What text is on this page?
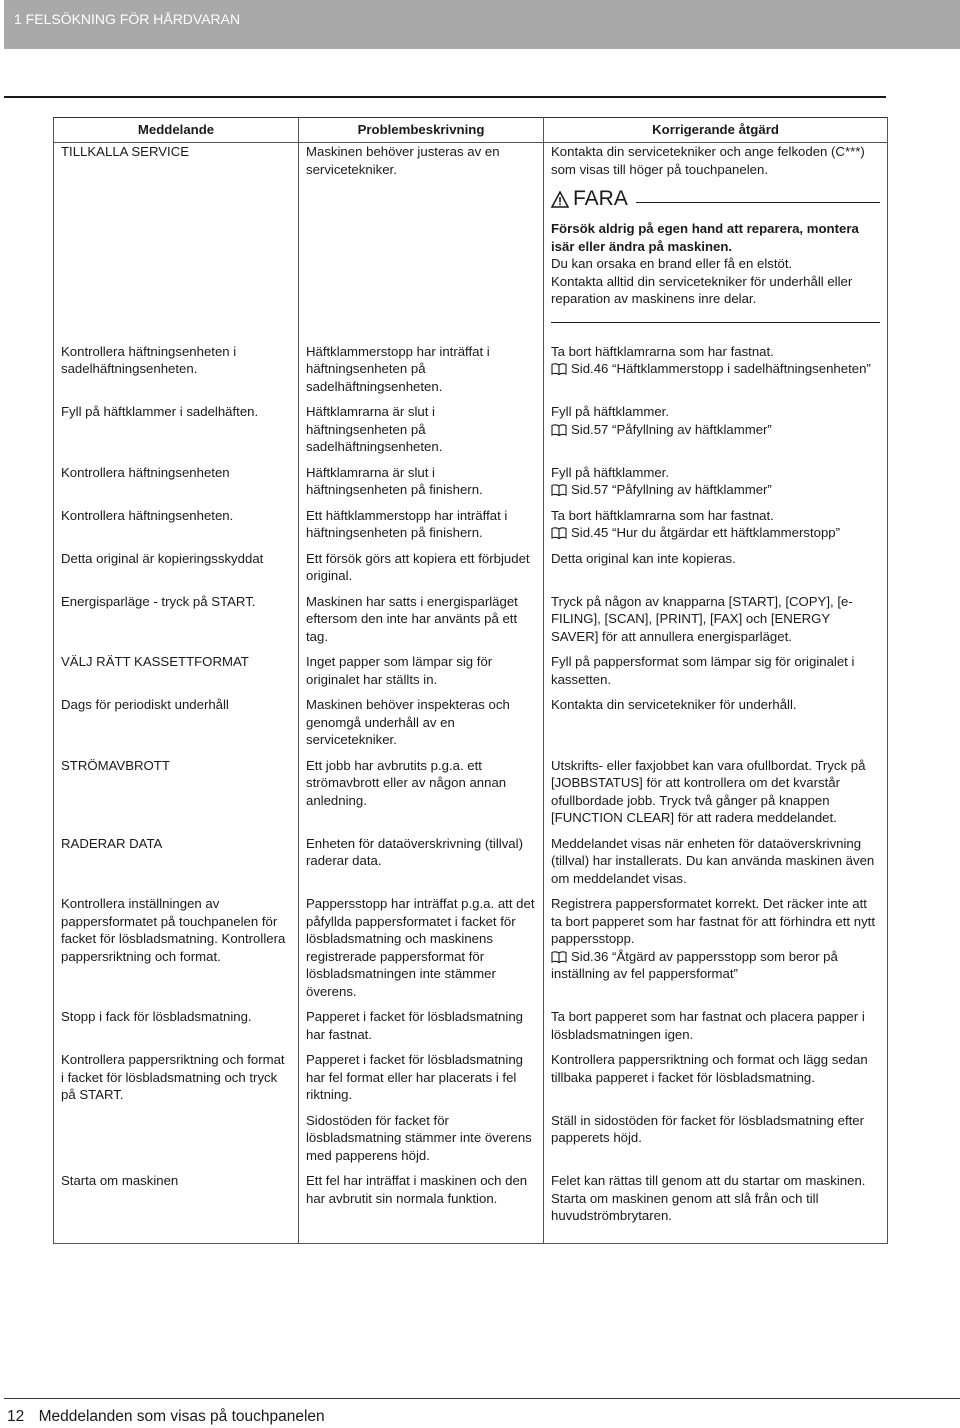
1 FELSÖKNING FÖR HÅRDVARAN
Meddelande	Problembeskrivning	Korrigerande åtgärd
TILLKALLA SERVICE	Maskinen behöver justeras av en servicetekniker.	Kontakta din servicetekniker och ange felkoden (C***) som visas till höger på touchpanelen.
FARA
Försök aldrig på egen hand att reparera, montera isär eller ändra på maskinen.
Du kan orsaka en brand eller få en elstöt.
Kontakta alltid din servicetekniker för underhåll eller reparation av maskinens inre delar.

Kontrollera häftningsenheten i sadelhäftningsenheten.	Häftklammerstopp har inträffat i häftningsenheten på sadelhäftningsenheten.	Ta bort häftklamrarna som har fastnat.
Sid.46 “Häftklammerstopp i sadelhäftningsenheten”

Fyll på häftklammer i sadelhäften.	Häftklamrarna är slut i häftningsenheten på sadelhäftningsenheten.	Fyll på häftklammer.
Sid.57 “Påfyllning av häftklammer”

Kontrollera häftningsenheten	Häftklamrarna är slut i häftningsenheten på finishern.	Fyll på häftklammer.
Sid.57 “Påfyllning av häftklammer”

Kontrollera häftningsenheten.	Ett häftklammerstopp har inträffat i häftningsenheten på finishern.	Ta bort häftklamrarna som har fastnat.
Sid.45 “Hur du åtgärdar ett häftklammerstopp”

Detta original är kopieringsskyddat	Ett försök görs att kopiera ett förbjudet original.	Detta original kan inte kopieras.
Energisparläge - tryck på START.	Maskinen har satts i energisparläget eftersom den inte har använts på ett tag.	Tryck på någon av knapparna [START], [COPY], [e-FILING], [SCAN], [PRINT], [FAX] och [ENERGY SAVER] för att annullera energisparläget.
VÄLJ RÄTT KASSETTFORMAT	Inget papper som lämpar sig för originalet har ställts in.	Fyll på pappersformat som lämpar sig för originalet i kassetten.
Dags för periodiskt underhåll	Maskinen behöver inspekteras och genomgå underhåll av en servicetekniker.	Kontakta din servicetekniker för underhåll.
STRÖMAVBROTT	Ett jobb har avbrutits p.g.a. ett strömavbrott eller av någon annan anledning.	Utskrifts- eller faxjobbet kan vara ofullbordat. Tryck på [JOBBSTATUS] för att kontrollera om det kvarstår ofullbordade jobb. Tryck två gånger på knappen [FUNCTION CLEAR] för att radera meddelandet.
RADERAR DATA	Enheten för dataöverskrivning (tillval) raderar data.	Meddelandet visas när enheten för dataöverskrivning (tillval) har installerats. Du kan använda maskinen även om meddelandet visas.
Kontrollera inställningen av pappersformatet på touchpanelen för facket för lösbladsmatning. Kontrollera pappersriktning och format.	Pappersstopp har inträffat p.g.a. att det påfyllda pappersformatet i facket för lösbladsmatning och maskinens registrerade pappersformat för lösbladsmatningen inte stämmer överens.	Registrera pappersformatet korrekt. Det räcker inte att ta bort papperet som har fastnat för att förhindra ett nytt pappersstopp.
Sid.36 “Åtgärd av pappersstopp som beror på inställning av fel pappersformat”

Stopp i fack för lösbladsmatning.	Papperet i facket för lösbladsmatning har fastnat.	Ta bort papperet som har fastnat och placera papper i lösbladsmatningen igen.
Kontrollera pappersriktning och format i facket för lösbladsmatning och tryck på START.	Papperet i facket för lösbladsmatning har fel format eller har placerats i fel riktning.	Kontrollera pappersriktning och format och lägg sedan tillbaka papperet i facket för lösbladsmatning.
	Sidostöden för facket för lösbladsmatning stämmer inte överens med papperens höjd.	Ställ in sidostöden för facket för lösbladsmatning efter papperets höjd.
Starta om maskinen	Ett fel har inträffat i maskinen och den har avbrutit sin normala funktion.	Felet kan rättas till genom att du startar om maskinen. Starta om maskinen genom att slå från och till huvudströmbrytaren.
12 Meddelanden som visas på touchpanelen
